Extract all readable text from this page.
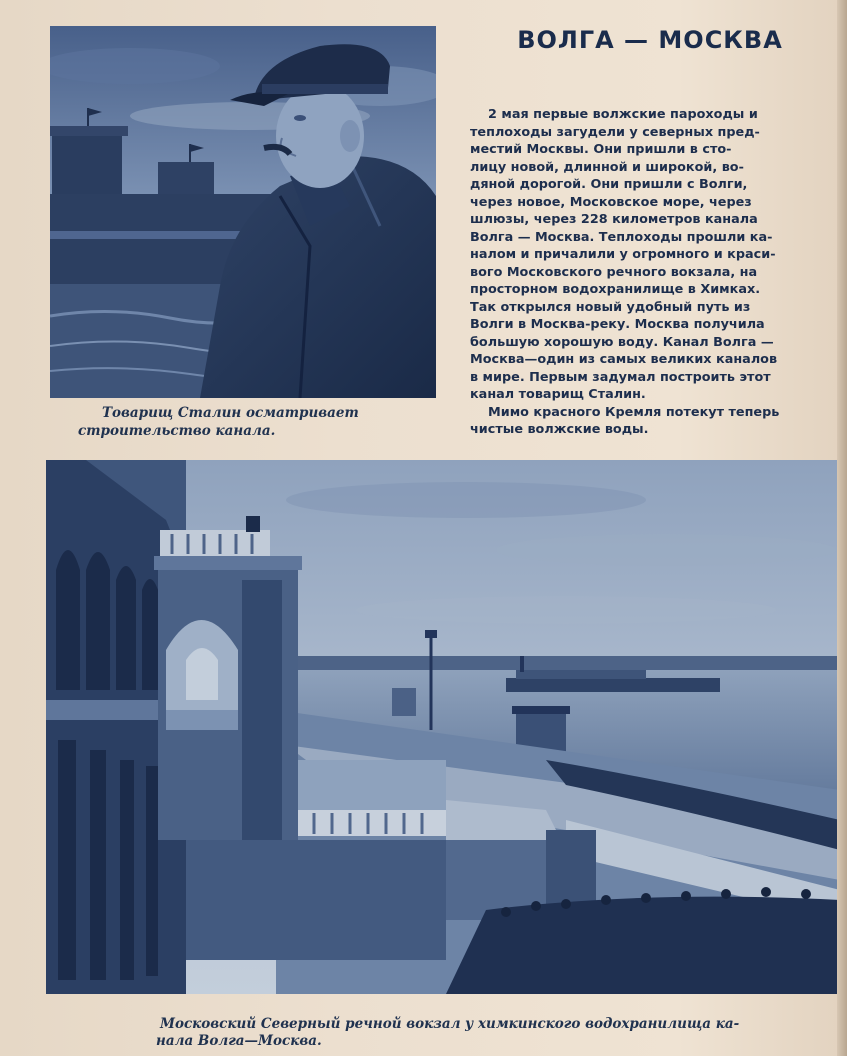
Товарищ Сталин осматривает
строительство канала.
ВОЛГА — МОСКВА
2 мая первые волжские пароходы и
теплоходы загудели у северных пред-
местий Москвы. Они пришли в сто-
лицу новой, длинной и широкой, во-
дяной дорогой. Они пришли с Волги,
через новое, Московское море, через
шлюзы, через 228 километров канала
Волга — Москва. Теплоходы прошли ка-
налом и причалили у огромного и краси-
вого Московского речного вокзала, на
просторном водохранилище в Химках.
Так открылся новый удобный путь из
Волги в Москва-реку. Москва получила
большую хорошую воду. Канал Волга —
Москва—один из самых великих каналов
в мире. Первым задумал построить этот
канал товарищ Сталин.
Мимо красного Кремля потекут теперь
чистые волжские воды.
Московский Северный речной вокзал у химкинского водохранилища ка-
нала Волга—Москва.
